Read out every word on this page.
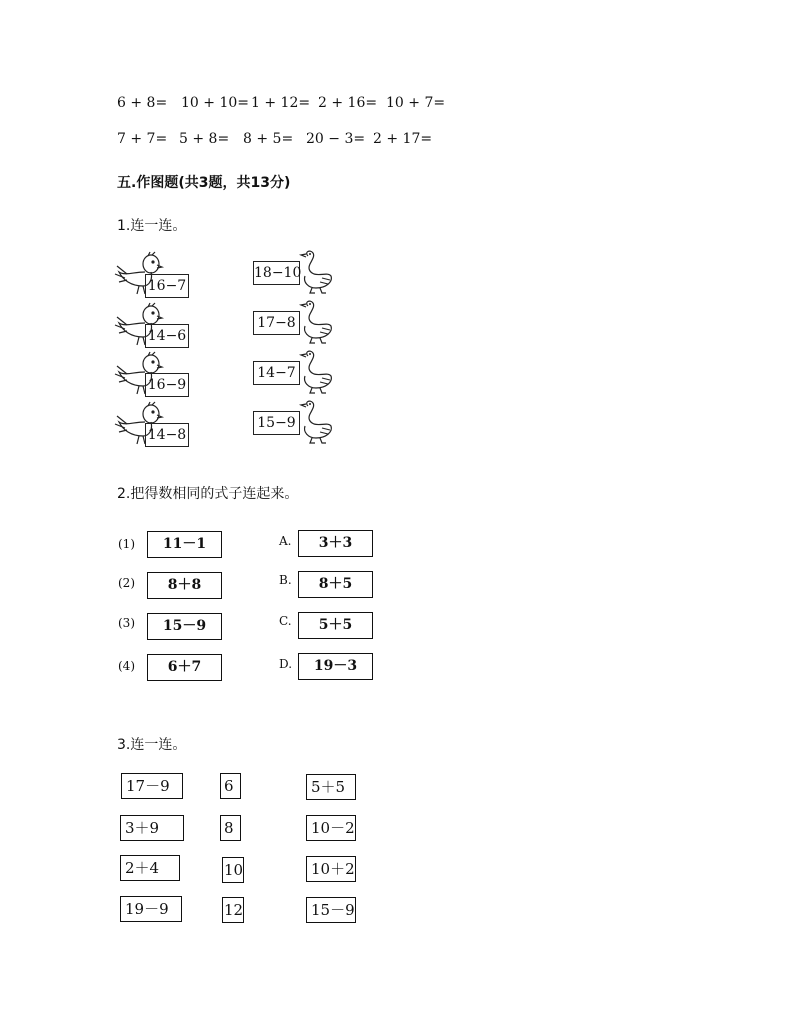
6 + 8= 10 + 10= 1 + 12= 2 + 16= 10 + 7=
7 + 7= 5 + 8= 8 + 5= 20 − 3= 2 + 17=
五.作图题(共3题，共13分)
1.连一连。
16−7
14−6
16−9
14−8
18−10
17−8
14−7
15−9
2.把得数相同的式子连起来。
(1)	11－1
(2)	8＋8
(3)	15－9
(4)	6＋7
A.	3＋3
B.	8＋5
C.	5＋5
D.	19－3
3.连一连。
17－9
3＋9
2＋4
19－9
6
8
10
12
5＋5
10－2
10＋2
15－9
